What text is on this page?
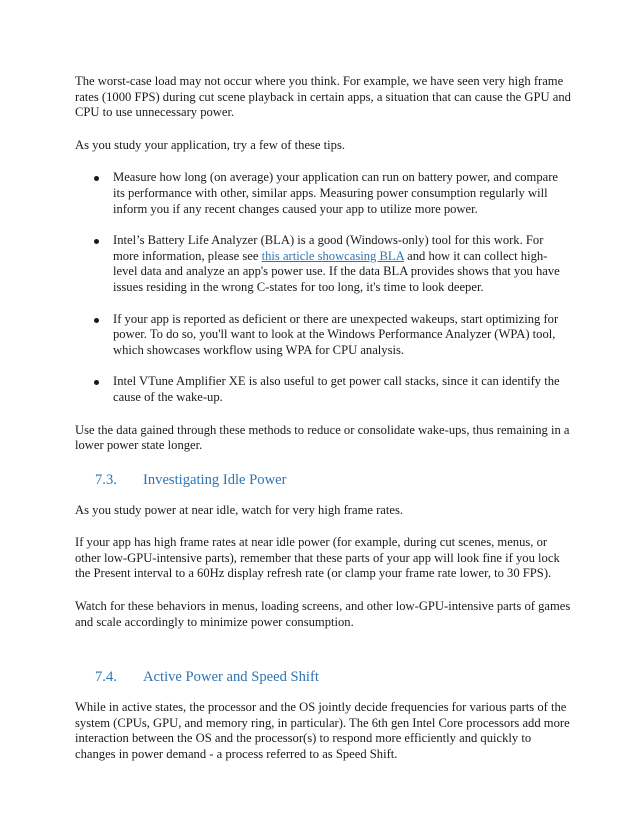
The worst-case load may not occur where you think. For example, we have seen very high frame rates (1000 FPS) during cut scene playback in certain apps, a situation that can cause the GPU and CPU to use unnecessary power.

As you study your application, try a few of these tips.

Measure how long (on average) your application can run on battery power, and compare its performance with other, similar apps. Measuring power consumption regularly will inform you if any recent changes caused your app to utilize more power.
Intel’s Battery Life Analyzer (BLA) is a good (Windows-only) tool for this work. For more information, please see this article showcasing BLA and how it can collect high-level data and analyze an app's power use. If the data BLA provides shows that you have issues residing in the wrong C-states for too long, it's time to look deeper.
If your app is reported as deficient or there are unexpected wakeups, start optimizing for power. To do so, you'll want to look at the Windows Performance Analyzer (WPA) tool, which showcases workflow using WPA for CPU analysis.
Intel VTune Amplifier XE is also useful to get power call stacks, since it can identify the cause of the wake-up.

Use the data gained through these methods to reduce or consolidate wake-ups, thus remaining in a lower power state longer.

7.3. Investigating Idle Power

As you study power at near idle, watch for very high frame rates.

If your app has high frame rates at near idle power (for example, during cut scenes, menus, or other low-GPU-intensive parts), remember that these parts of your app will look fine if you lock the Present interval to a 60Hz display refresh rate (or clamp your frame rate lower, to 30 FPS).

Watch for these behaviors in menus, loading screens, and other low-GPU-intensive parts of games and scale accordingly to minimize power consumption.

7.4. Active Power and Speed Shift

While in active states, the processor and the OS jointly decide frequencies for various parts of the system (CPUs, GPU, and memory ring, in particular). The 6th gen Intel Core processors add more interaction between the OS and the processor(s) to respond more efficiently and quickly to changes in power demand - a process referred to as Speed Shift.
